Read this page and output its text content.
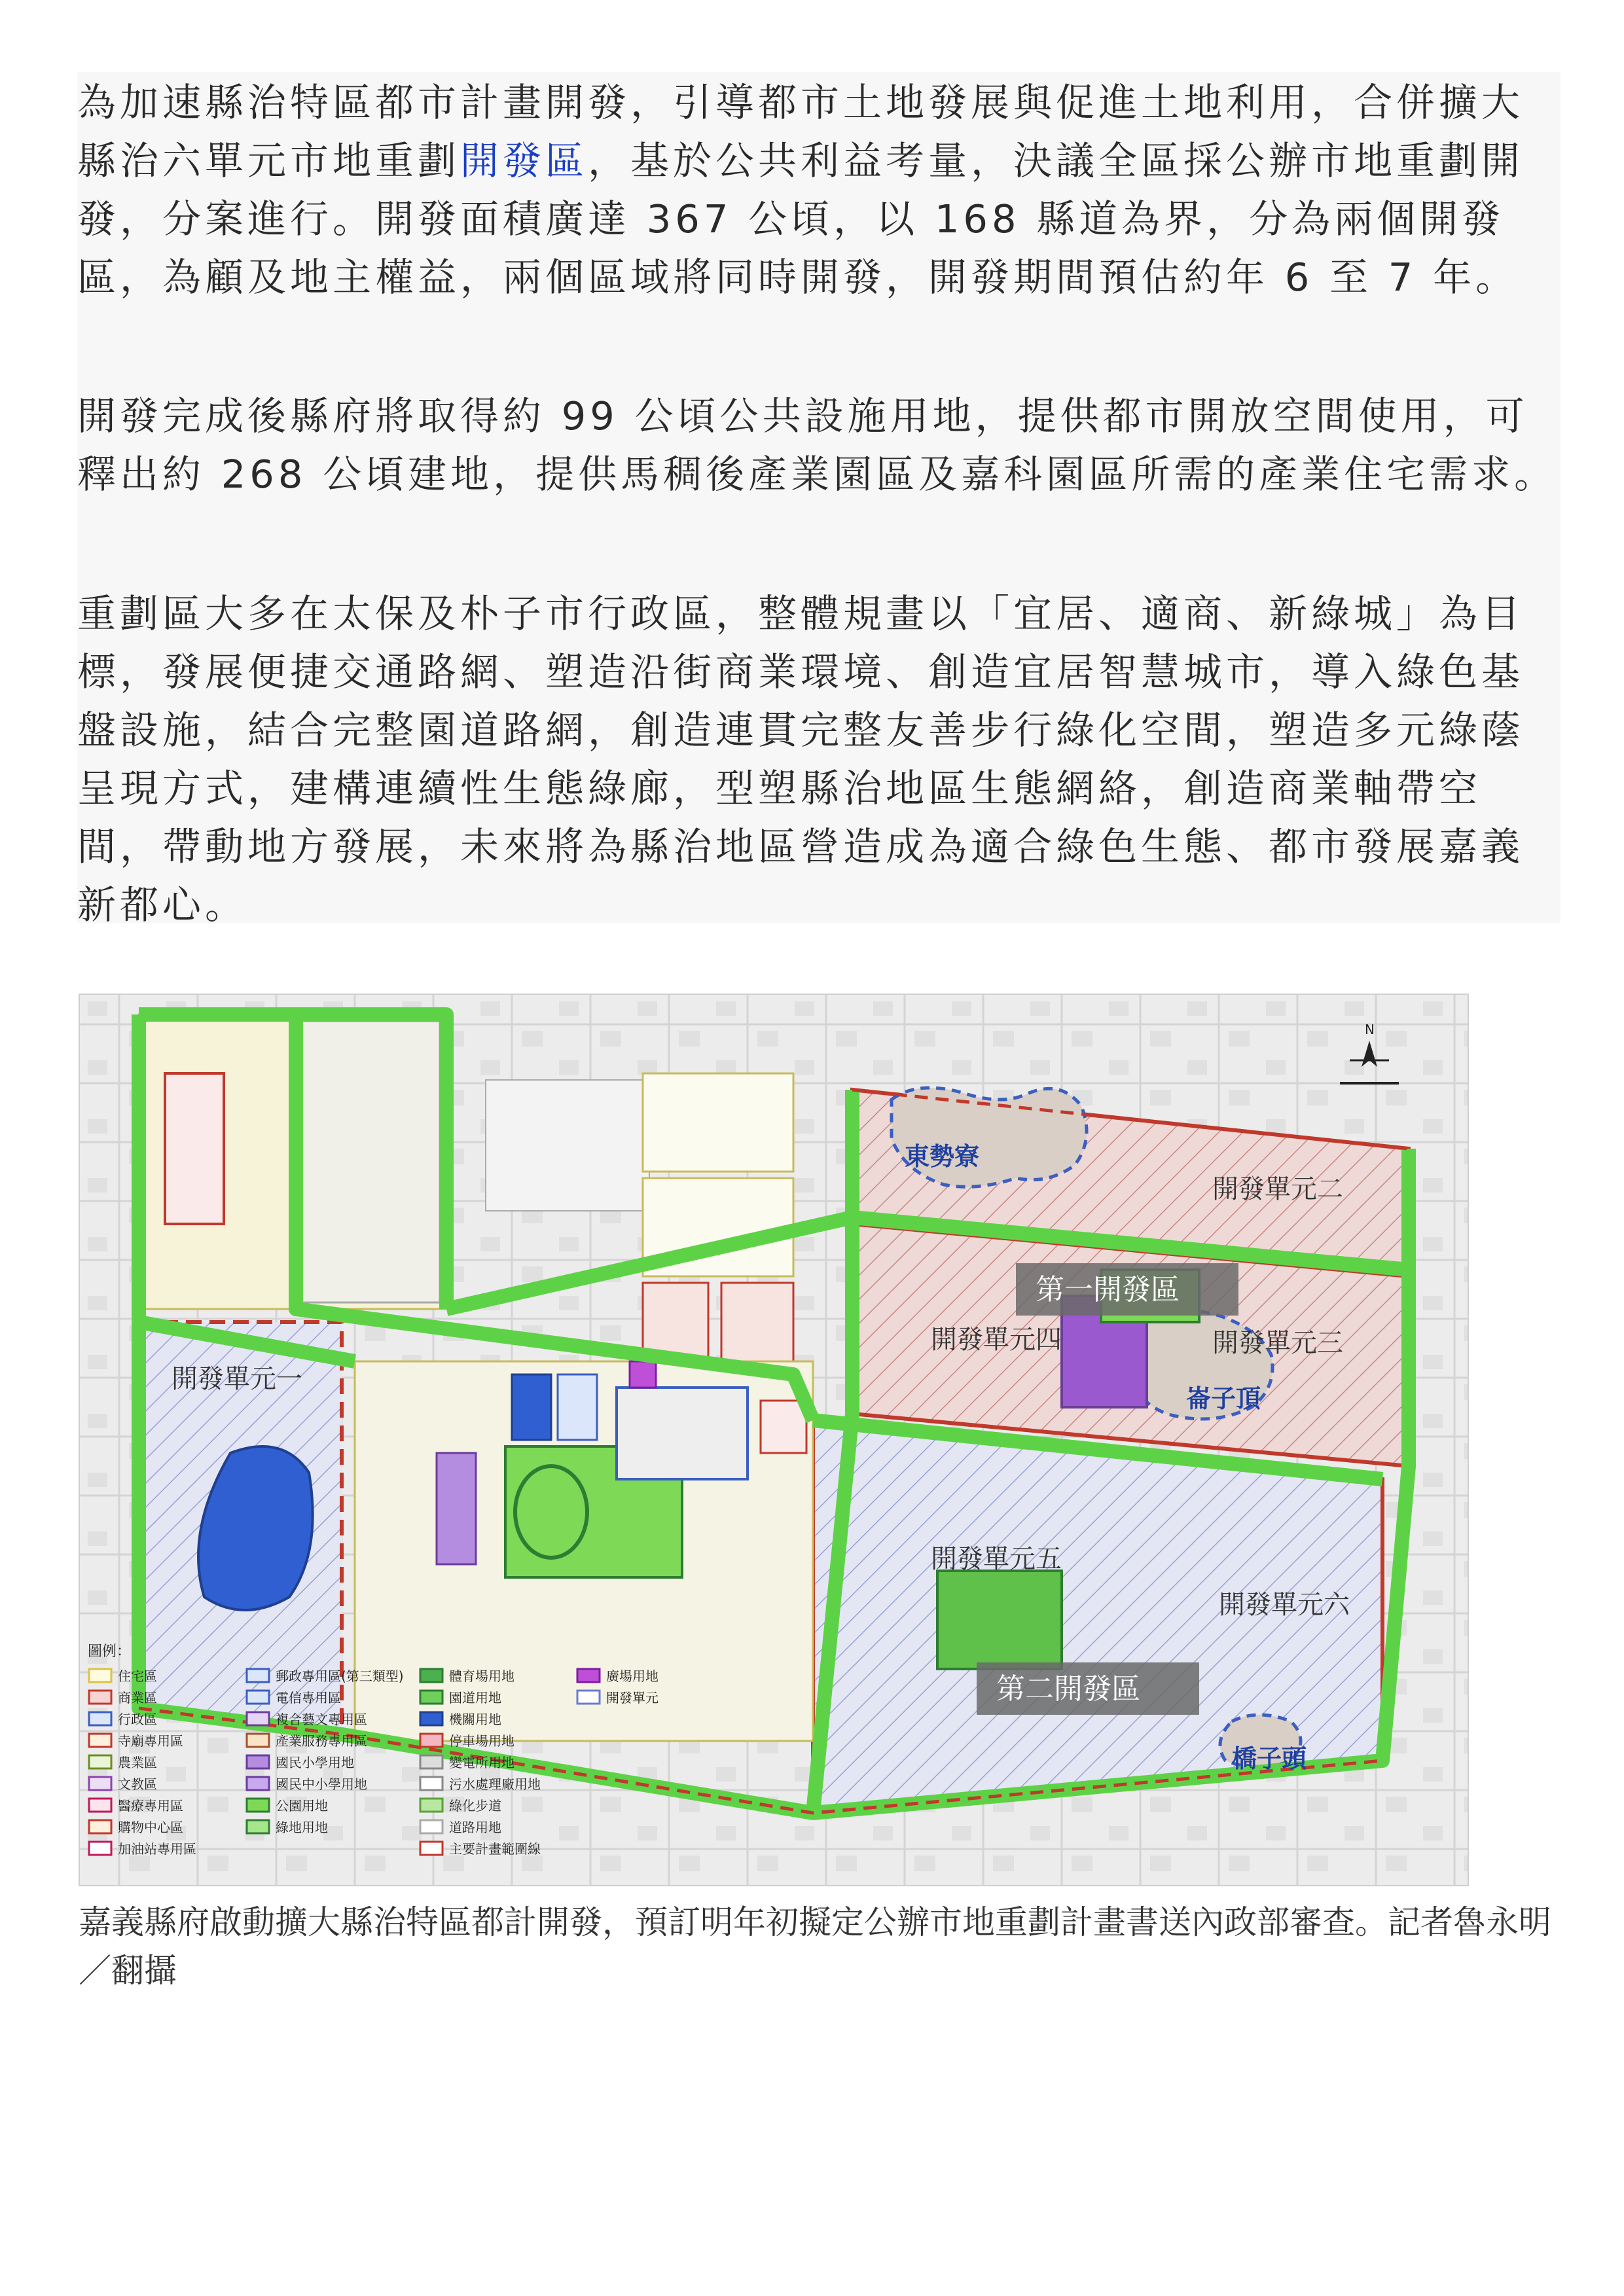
為加速縣治特區都市計畫開發，引導都市土地發展與促進土地利用，合併擴大縣治六單元市地重劃開發區，基於公共利益考量，決議全區採公辦市地重劃開發，分案進行。開發面積廣達 367 公頃，以 168 縣道為界，分為兩個開發區，為顧及地主權益，兩個區域將同時開發，開發期間預估約年 6 至 7 年。

開發完成後縣府將取得約 99 公頃公共設施用地，提供都市開放空間使用，可釋出約 268 公頃建地，提供馬稠後產業園區及嘉科園區所需的產業住宅需求。

重劃區大多在太保及朴子市行政區，整體規畫以「宜居、適商、新綠城」為目標，發展便捷交通路網、塑造沿街商業環境、創造宜居智慧城市，導入綠色基盤設施，結合完整園道路網，創造連貫完整友善步行綠化空間，塑造多元綠蔭呈現方式，建構連續性生態綠廊，型塑縣治地區生態網絡，創造商業軸帶空間，帶動地方發展，未來將為縣治地區營造成為適合綠色生態、都市發展嘉義新都心。

東勢寮
崙子頂
橋子頭
開發單元一
開發單元二
開發單元三
開發單元四
開發單元五
開發單元六
第一開發區
第二開發區
N
圖例：
住宅區
商業區
行政區
寺廟專用區
農業區
文教區
醫療專用區
購物中心區
加油站專用區
郵政專用區(第三類型)
電信專用區
複合藝文專用區
產業服務專用區
國民小學用地
國民中小學用地
公園用地
綠地用地
體育場用地
園道用地
機關用地
停車場用地
變電所用地
污水處理廠用地
綠化步道
道路用地
主要計畫範圍線
廣場用地
開發單元
嘉義縣府啟動擴大縣治特區都計開發，預訂明年初擬定公辦市地重劃計畫書送內政部審查。記者魯永明／翻攝
